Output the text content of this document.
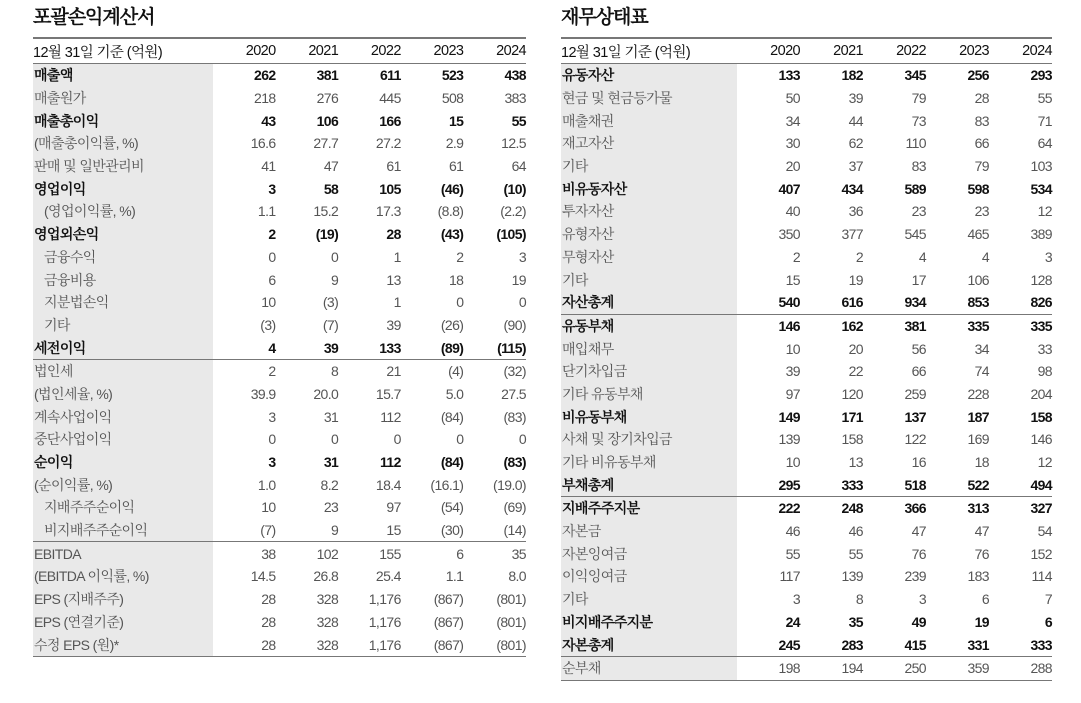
포괄손익계산서
12월 31일 기준 (억원)	2020	2021	2022	2023	2024
매출액	262	381	611	523	438
매출원가	218	276	445	508	383
매출총이익	43	106	166	15	55
(매출총이익률, %)	16.6	27.7	27.2	2.9	12.5
판매 및 일반관리비	41	47	61	61	64
영업이익	3	58	105	(46)	(10)
(영업이익률, %)	1.1	15.2	17.3	(8.8)	(2.2)
영업외손익	2	(19)	28	(43)	(105)
금융수익	0	0	1	2	3
금융비용	6	9	13	18	19
지분법손익	10	(3)	1	0	0
기타	(3)	(7)	39	(26)	(90)
세전이익	4	39	133	(89)	(115)
법인세	2	8	21	(4)	(32)
(법인세율, %)	39.9	20.0	15.7	5.0	27.5
계속사업이익	3	31	112	(84)	(83)
중단사업이익	0	0	0	0	0
순이익	3	31	112	(84)	(83)
(순이익률, %)	1.0	8.2	18.4	(16.1)	(19.0)
지배주주순이익	10	23	97	(54)	(69)
비지배주주순이익	(7)	9	15	(30)	(14)
EBITDA	38	102	155	6	35
(EBITDA 이익률, %)	14.5	26.8	25.4	1.1	8.0
EPS (지배주주)	28	328	1,176	(867)	(801)
EPS (연결기준)	28	328	1,176	(867)	(801)
수정 EPS (원)*	28	328	1,176	(867)	(801)
재무상태표
12월 31일 기준 (억원)	2020	2021	2022	2023	2024
유동자산	133	182	345	256	293
현금 및 현금등가물	50	39	79	28	55
매출채권	34	44	73	83	71
재고자산	30	62	110	66	64
기타	20	37	83	79	103
비유동자산	407	434	589	598	534
투자자산	40	36	23	23	12
유형자산	350	377	545	465	389
무형자산	2	2	4	4	3
기타	15	19	17	106	128
자산총계	540	616	934	853	826
유동부채	146	162	381	335	335
매입채무	10	20	56	34	33
단기차입금	39	22	66	74	98
기타 유동부채	97	120	259	228	204
비유동부채	149	171	137	187	158
사채 및 장기차입금	139	158	122	169	146
기타 비유동부채	10	13	16	18	12
부채총계	295	333	518	522	494
지배주주지분	222	248	366	313	327
자본금	46	46	47	47	54
자본잉여금	55	55	76	76	152
이익잉여금	117	139	239	183	114
기타	3	8	3	6	7
비지배주주지분	24	35	49	19	6
자본총계	245	283	415	331	333
순부채	198	194	250	359	288
